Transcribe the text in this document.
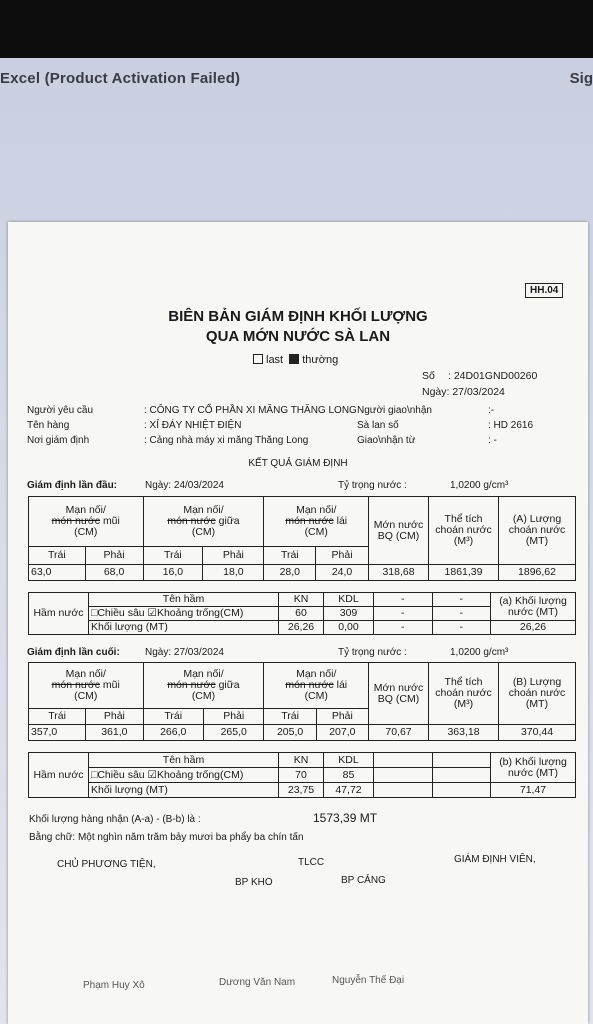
Excel (Product Activation Failed)	Sig
HH.04
BIÊN BẢN GIÁM ĐỊNH KHỐI LƯỢNG
QUA MỚN NƯỚC SÀ LAN
last thường
Số : 24D01GND00260
Ngày: 27/03/2024
Người yêu cầu	: CÔNG TY CỔ PHẦN XI MĂNG THĂNG LONG Người giao\nhận	:-
Tên hàng	: XỈ ĐÁY NHIỆT ĐIỆN	Sà lan số	: HD 2616
Nơi giám định	: Cảng nhà máy xi măng Thăng Long	Giao\nhận từ	: -
KẾT QUẢ GIÁM ĐỊNH
Giám định lần đầu:	Ngày: 24/03/2024	Tỷ trọng nước :	1,0200 g/cm³
Mạn nối/
món nước mũi
(CM)		Mạn nối/
món nước giữa
(CM)		Mạn nối/
món nước lái
(CM)		Mớn nước BQ (CM)	Thể tích choán nước (M³)	(A) Lượng choán nước (MT)
Trái	Phải	Trái	Phải	Trái	Phải			
63,0	68,0	16,0	18,0	28,0	24,0	318,68	1861,39	1896,62
Hầm nước	Tên hầm	KN	KDL	-	-	(a) Khối lượng nước (MT)
	□Chiều sâu ☑Khoảng trống(CM)	60	309	-	-	
	Khối lượng (MT)	26,26	0,00	-	-	26,26
Giám định lần cuối:	Ngày: 27/03/2024	Tỷ trọng nước :	1,0200 g/cm³
Mạn nối/
món nước mũi
(CM)		Mạn nối/
món nước giữa
(CM)		Mạn nối/
món nước lái
(CM)		Mớn nước BQ (CM)	Thể tích choán nước (M³)	(B) Lượng choán nước (MT)
Trái	Phải	Trái	Phải	Trái	Phải			
357,0	361,0	266,0	265,0	205,0	207,0	70,67	363,18	370,44
Hầm nước	Tên hầm	KN	KDL			(b) Khối lượng nước (MT)
	□Chiều sâu ☑Khoảng trống(CM)	70	85			
	Khối lượng (MT)	23,75	47,72			71,47
Khối lượng hàng nhận (A-a) - (B-b) là :	1573,39 MT
Bằng chữ: Một nghìn năm trăm bảy mươi ba phẩy ba chín tấn
CHỦ PHƯƠNG TIỆN,	TLCC	GIÁM ĐỊNH VIÊN,
BP KHO	BP CẢNG
Phạm Huy Xô	Dương Văn Nam	Nguyễn Thế Đại
